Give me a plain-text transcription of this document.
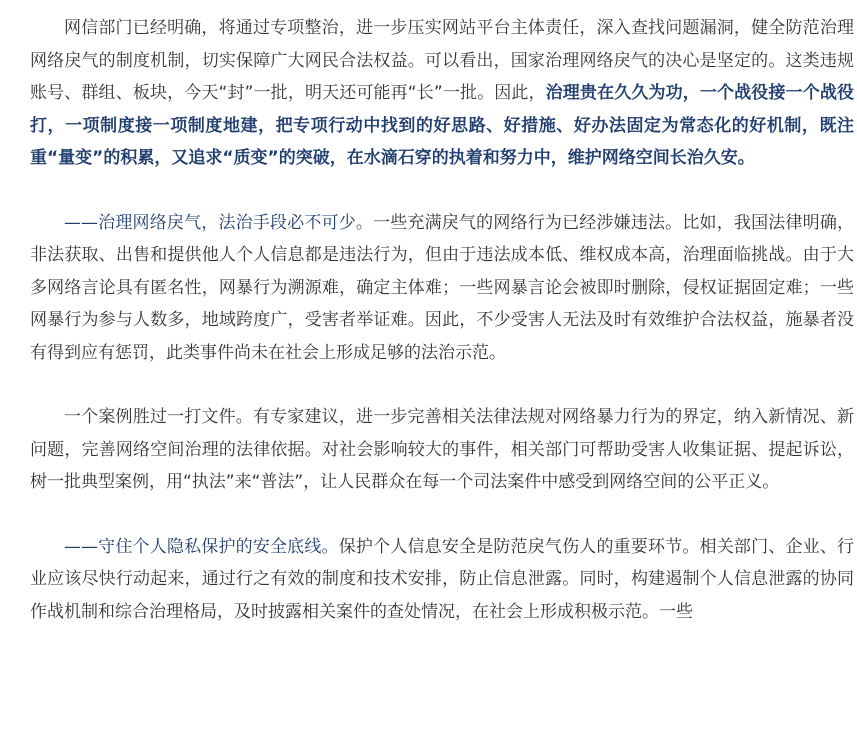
网信部门已经明确，将通过专项整治，进一步压实网站平台主体责任，深入查找问题漏洞，健全防范治理网络戾气的制度机制，切实保障广大网民合法权益。可以看出，国家治理网络戾气的决心是坚定的。这类违规账号、群组、板块，今天“封”一批，明天还可能再“长”一批。因此，治理贵在久久为功，一个战役接一个战役打，一项制度接一项制度地建，把专项行动中找到的好思路、好措施、好办法固定为常态化的好机制，既注重“量变”的积累，又追求“质变”的突破，在水滴石穿的执着和努力中，维护网络空间长治久安。

——治理网络戾气，法治手段必不可少。一些充满戾气的网络行为已经涉嫌违法。比如，我国法律明确，非法获取、出售和提供他人个人信息都是违法行为，但由于违法成本低、维权成本高，治理面临挑战。由于大多网络言论具有匿名性，网暴行为溯源难，确定主体难；一些网暴言论会被即时删除，侵权证据固定难；一些网暴行为参与人数多，地域跨度广，受害者举证难。因此，不少受害人无法及时有效维护合法权益，施暴者没有得到应有惩罚，此类事件尚未在社会上形成足够的法治示范。

一个案例胜过一打文件。有专家建议，进一步完善相关法律法规对网络暴力行为的界定，纳入新情况、新问题，完善网络空间治理的法律依据。对社会影响较大的事件，相关部门可帮助受害人收集证据、提起诉讼，树一批典型案例，用“执法”来“普法”，让人民群众在每一个司法案件中感受到网络空间的公平正义。

——守住个人隐私保护的安全底线。保护个人信息安全是防范戾气伤人的重要环节。相关部门、企业、行业应该尽快行动起来，通过行之有效的制度和技术安排，防止信息泄露。同时，构建遏制个人信息泄露的协同作战机制和综合治理格局，及时披露相关案件的查处情况，在社会上形成积极示范。一些
